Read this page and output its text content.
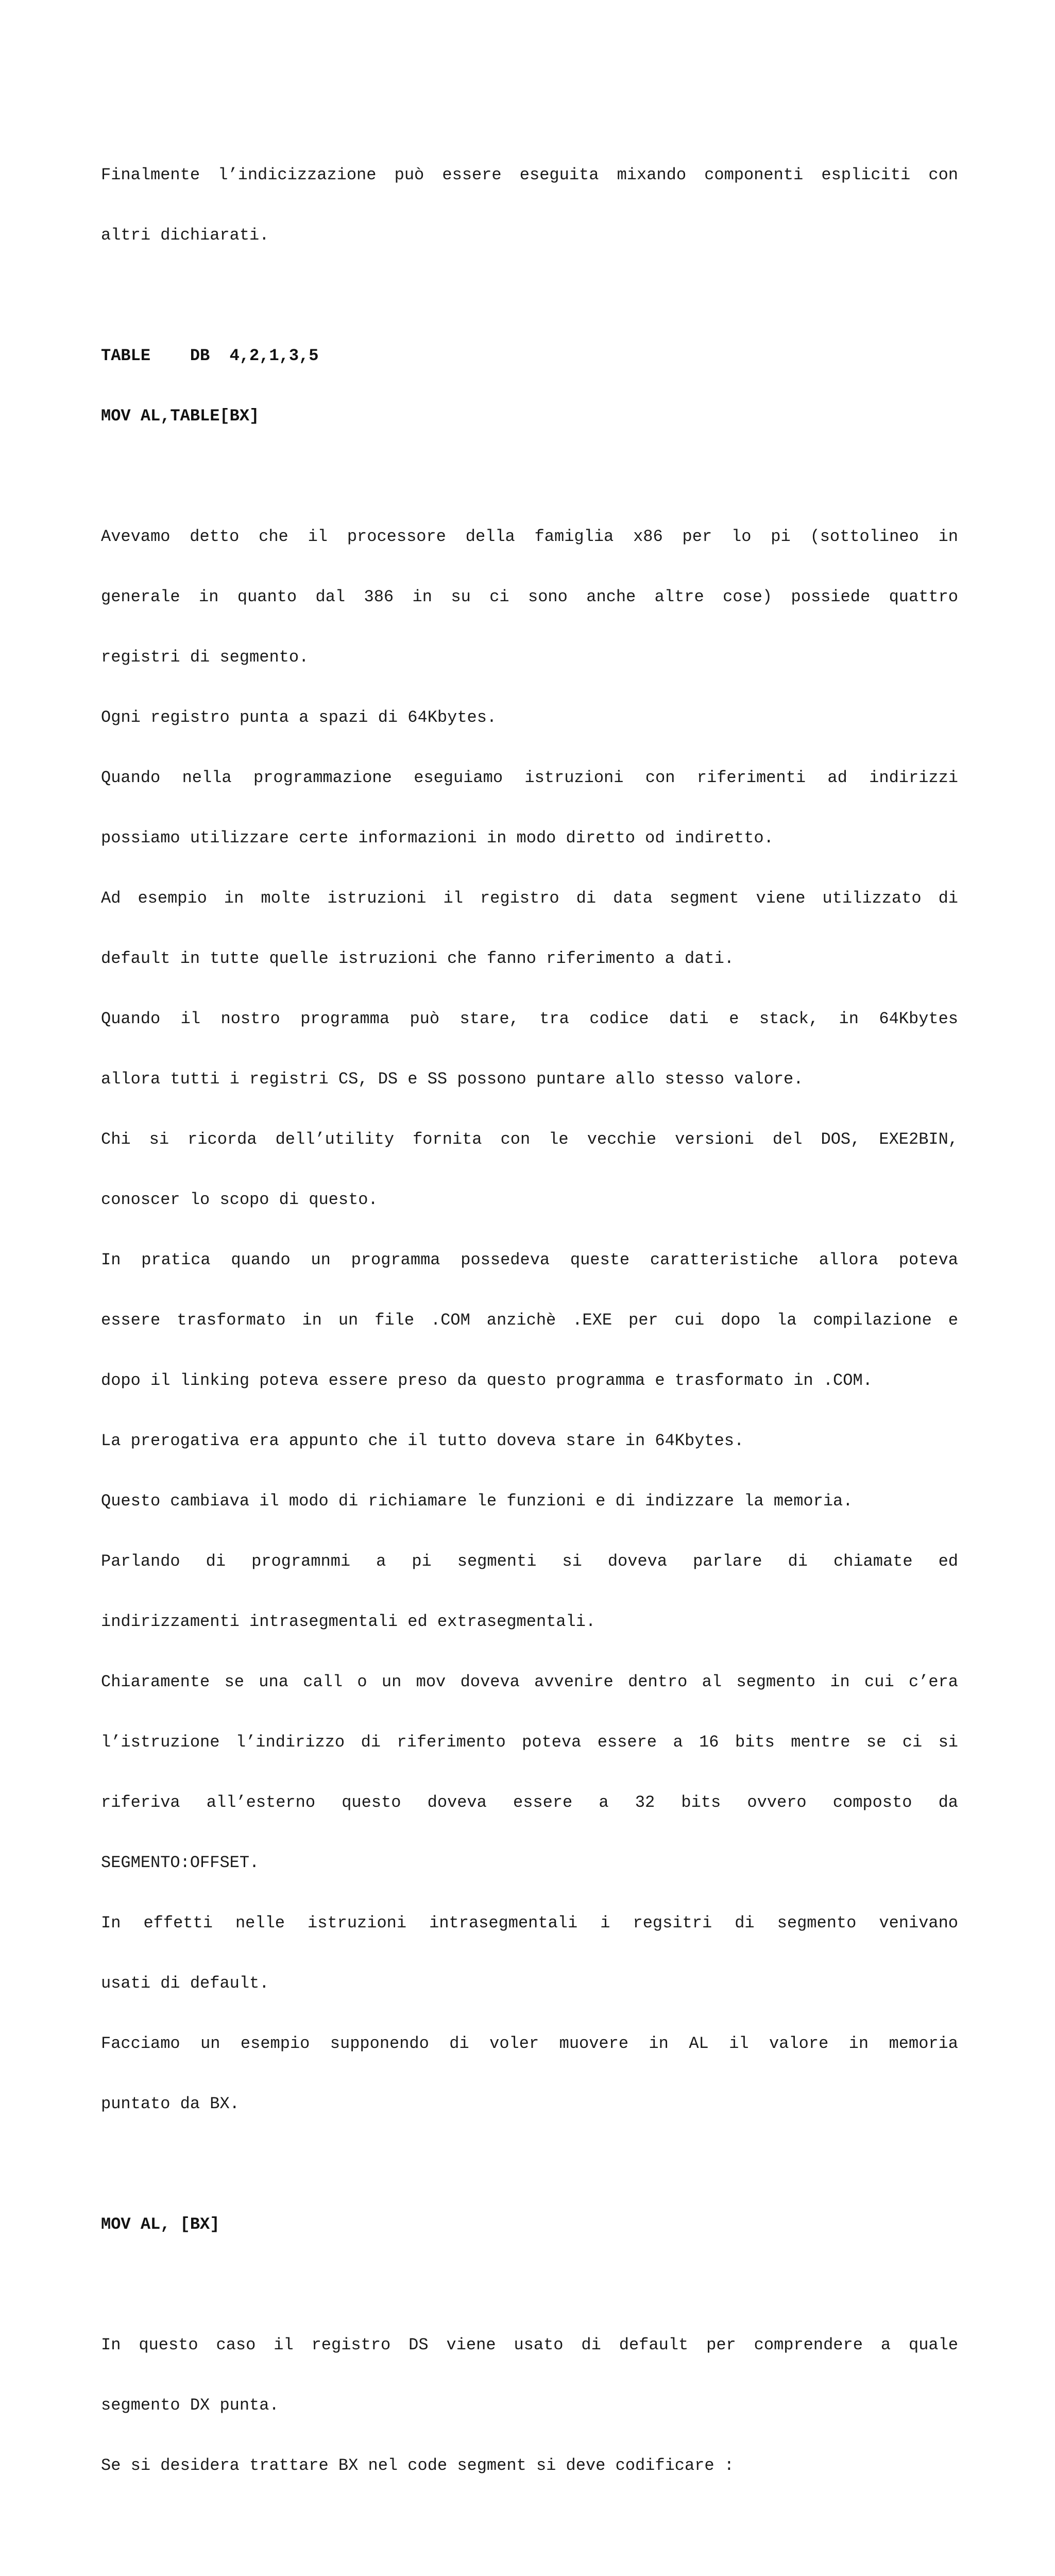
Finalmente l’indicizzazione può essere eseguita mixando componenti espliciti con

altri dichiarati.

TABLE    DB  4,2,1,3,5

MOV AL,TABLE[BX]

Avevamo detto che il processore della famiglia x86 per lo pi (sottolineo in

generale in quanto dal 386 in su ci sono anche altre cose) possiede quattro

registri di segmento.

Ogni registro punta a spazi di 64Kbytes.

Quando nella programmazione eseguiamo istruzioni con riferimenti ad indirizzi

possiamo utilizzare certe informazioni in modo diretto od indiretto.

Ad esempio in molte istruzioni il registro di data segment viene utilizzato di

default in tutte quelle istruzioni che fanno riferimento a dati.

Quando il nostro programma può stare, tra codice dati e stack, in 64Kbytes

allora tutti i registri CS, DS e SS possono puntare allo stesso valore.

Chi si ricorda dell’utility fornita con le vecchie versioni del DOS, EXE2BIN,

conoscer lo scopo di questo.

In pratica quando un programma possedeva queste caratteristiche allora poteva

essere trasformato in un file .COM anzichè .EXE per cui dopo la compilazione e

dopo il linking poteva essere preso da questo programma e trasformato in .COM.

La prerogativa era appunto che il tutto doveva stare in 64Kbytes.

Questo cambiava il modo di richiamare le funzioni e di indizzare la memoria.

Parlando di programnmi a pi segmenti si doveva parlare di chiamate ed

indirizzamenti intrasegmentali ed extrasegmentali.

Chiaramente se una call o un mov doveva avvenire dentro al segmento in cui c’era

l’istruzione l’indirizzo di riferimento poteva essere a 16 bits mentre se ci si

riferiva all’esterno questo doveva essere a 32 bits ovvero composto da

SEGMENTO:OFFSET.

In effetti nelle istruzioni intrasegmentali i regsitri di segmento venivano

usati di default.

Facciamo un esempio supponendo di voler muovere in AL il valore in memoria

puntato da BX.

MOV AL, [BX]

In questo caso il registro DS viene usato di default per comprendere a quale

segmento DX punta.

Se si desidera trattare BX nel code segment si deve codificare :
